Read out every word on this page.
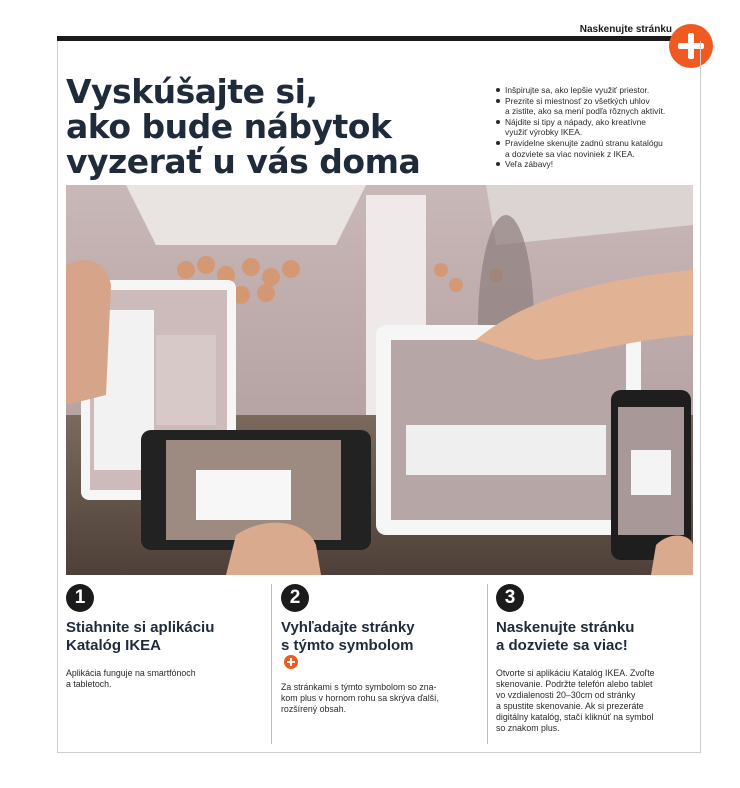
Naskenujte stránku
Vyskúšajte si,
ako bude nábytok
vyzerať u vás doma
Inšpirujte sa, ako lepšie využiť priestor.
Prezrite si miestnosť zo všetkých uhlov
a zistite, ako sa mení podľa rôznych aktivít.
Nájdite si tipy a nápady, ako kreatívne
využiť výrobky IKEA.
Pravidelne skenujte zadnú stranu katalógu
a dozviete sa viac noviniek z IKEA.
Veľa zábavy!
1
Stiahnite si aplikáciu
Katalóg IKEA
Aplikácia funguje na smartfónoch
a tabletoch.
2
Vyhľadajte stránky
s týmto symbolom
Za stránkami s týmto symbolom so zna-
kom plus v hornom rohu sa skrýva ďalší,
rozšírený obsah.
3
Naskenujte stránku
a dozviete sa viac!
Otvorte si aplikáciu Katalóg IKEA. Zvoľte
skenovanie. Podržte telefón alebo tablet
vo vzdialenosti 20–30cm od stránky
a spustite skenovanie. Ak si prezeráte
digitálny katalóg, stačí kliknúť na symbol
so znakom plus.
